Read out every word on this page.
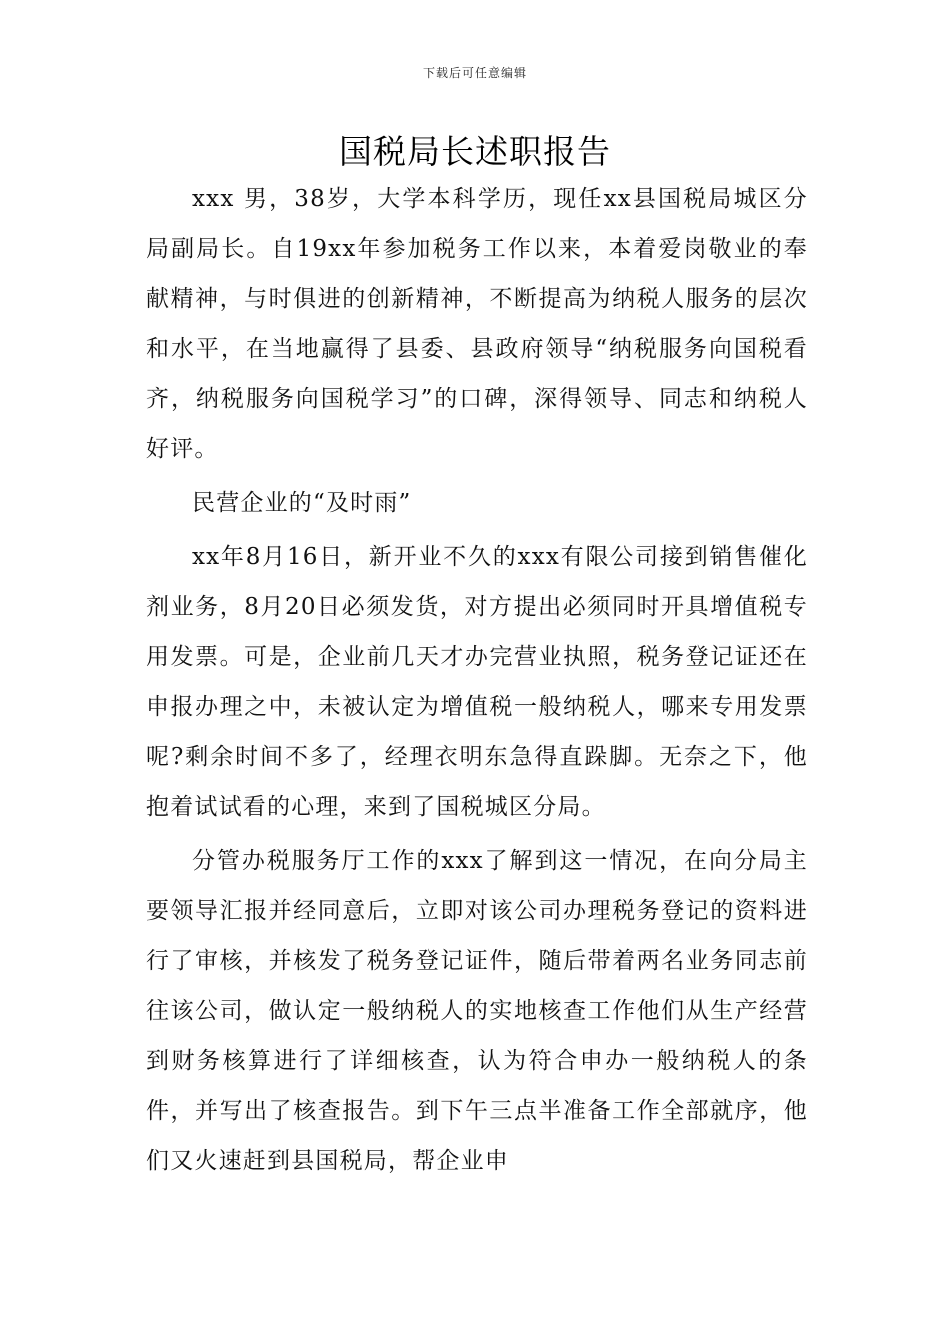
下载后可任意编辑
国税局长述职报告

xxx 男，38岁，大学本科学历，现任xx县国税局城区分局副局长。自19xx年参加税务工作以来，本着爱岗敬业的奉献精神，与时俱进的创新精神，不断提高为纳税人服务的层次和水平，在当地赢得了县委、县政府领导“纳税服务向国税看齐，纳税服务向国税学习”的口碑，深得领导、同志和纳税人好评。

民营企业的“及时雨”

xx年8月16日，新开业不久的xxx有限公司接到销售催化剂业务，8月20日必须发货，对方提出必须同时开具增值税专用发票。可是，企业前几天才办完营业执照，税务登记证还在申报办理之中，未被认定为增值税一般纳税人，哪来专用发票呢?剩余时间不多了，经理衣明东急得直跺脚。无奈之下，他抱着试试看的心理，来到了国税城区分局。

分管办税服务厅工作的xxx了解到这一情况，在向分局主要领导汇报并经同意后，立即对该公司办理税务登记的资料进行了审核，并核发了税务登记证件，随后带着两名业务同志前往该公司，做认定一般纳税人的实地核查工作他们从生产经营到财务核算进行了详细核查，认为符合申办一般纳税人的条件，并写出了核查报告。到下午三点半准备工作全部就序，他们又火速赶到县国税局，帮企业申
